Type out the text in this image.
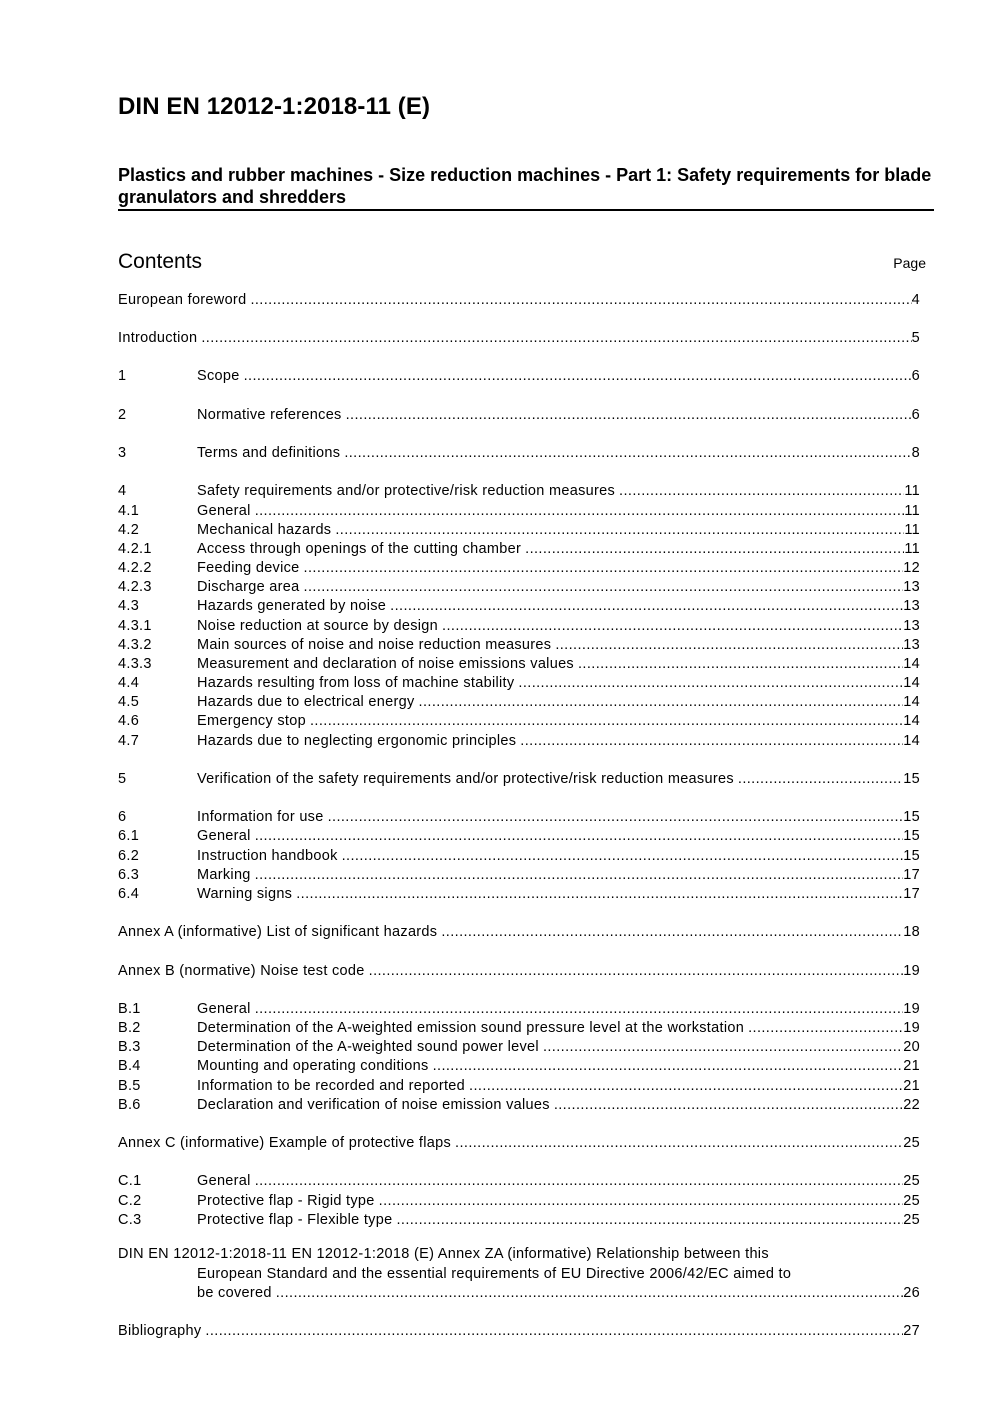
DIN EN 12012-1:2018-11 (E)
Plastics and rubber machines - Size reduction machines - Part 1: Safety requirements for blade granulators and shredders
Contents	Page
European foreword .....	4
Introduction .....	5
1	Scope .....	6
2	Normative references .....	6
3	Terms and definitions .....	8
4	Safety requirements and/or protective/risk reduction measures .....	11
4.1	General .....	11
4.2	Mechanical hazards .....	11
4.2.1	Access through openings of the cutting chamber .....	11
4.2.2	Feeding device .....	12
4.2.3	Discharge area .....	13
4.3	Hazards generated by noise .....	13
4.3.1	Noise reduction at source by design .....	13
4.3.2	Main sources of noise and noise reduction measures .....	13
4.3.3	Measurement and declaration of noise emissions values .....	14
4.4	Hazards resulting from loss of machine stability .....	14
4.5	Hazards due to electrical energy .....	14
4.6	Emergency stop .....	14
4.7	Hazards due to neglecting ergonomic principles .....	14
5	Verification of the safety requirements and/or protective/risk reduction measures .....	15
6	Information for use .....	15
6.1	General .....	15
6.2	Instruction handbook .....	15
6.3	Marking .....	17
6.4	Warning signs .....	17
Annex A (informative) List of significant hazards .....	18
Annex B (normative) Noise test code .....	19
B.1	General .....	19
B.2	Determination of the A-weighted emission sound pressure level at the workstation .....	19
B.3	Determination of the A-weighted sound power level .....	20
B.4	Mounting and operating conditions .....	21
B.5	Information to be recorded and reported .....	21
B.6	Declaration and verification of noise emission values .....	22
Annex C (informative) Example of protective flaps .....	25
C.1	General .....	25
C.2	Protective flap - Rigid type .....	25
C.3	Protective flap - Flexible type .....	25
Bibliography .....	27
DIN EN 12012-1:2018-11 EN 12012-1:2018 (E) Annex ZA (informative) Relationship between this
European Standard and the essential requirements of EU Directive 2006/42/EC aimed to
be covered .....	26
